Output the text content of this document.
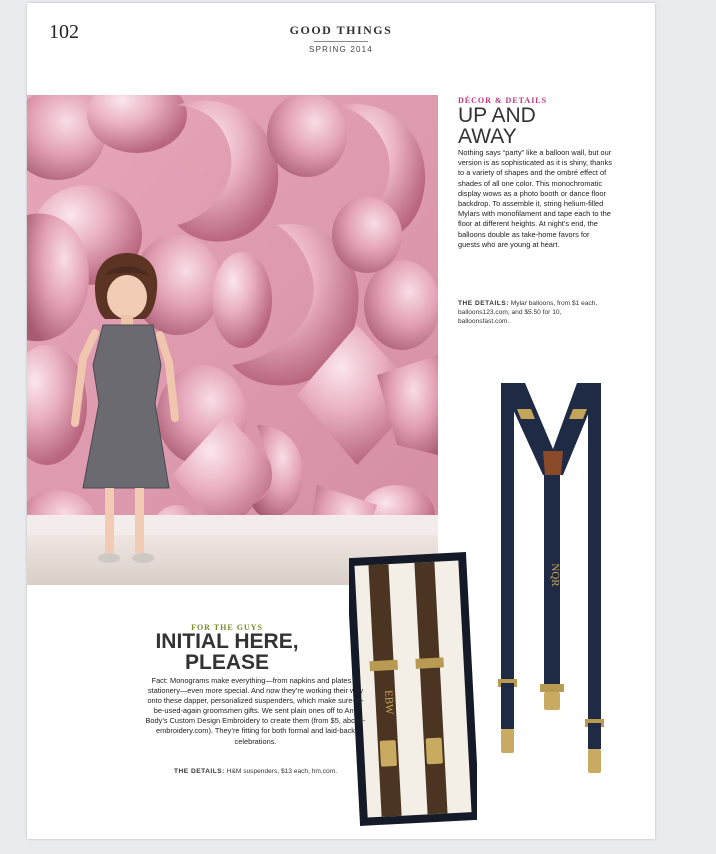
102	GOOD THINGS
SPRING 2014
DÉCOR & DETAILS
UP AND
AWAY

Nothing says “party” like a balloon wall, but our version is as sophisticated as it is shiny, thanks to a variety of shapes and the ombré effect of shades of all one color. This monochromatic display wows as a photo booth or dance floor backdrop. To assemble it, string helium-filled Mylars with monofilament and tape each to the floor at different heights. At night’s end, the balloons double as take-home favors for guests who are young at heart.

THE DETAILS: Mylar balloons, from $1 each, balloons123.com, and $5.50 for 10, balloonsfast.com.
NQR
EBW
FOR THE GUYS
INITIAL HERE,
PLEASE

Fact: Monograms make everything—from napkins and plates to stationery—even more special. And now they’re working their way onto these dapper, personalized suspenders, which make sure-to-be-used-again groomsmen gifts. We sent plain ones off to Any Body’s Custom Design Embroidery to create them (from $5, abcde-embroidery.com). They’re fitting for both formal and laid-back celebrations.

THE DETAILS: H&M suspenders, $13 each, hm.com.
